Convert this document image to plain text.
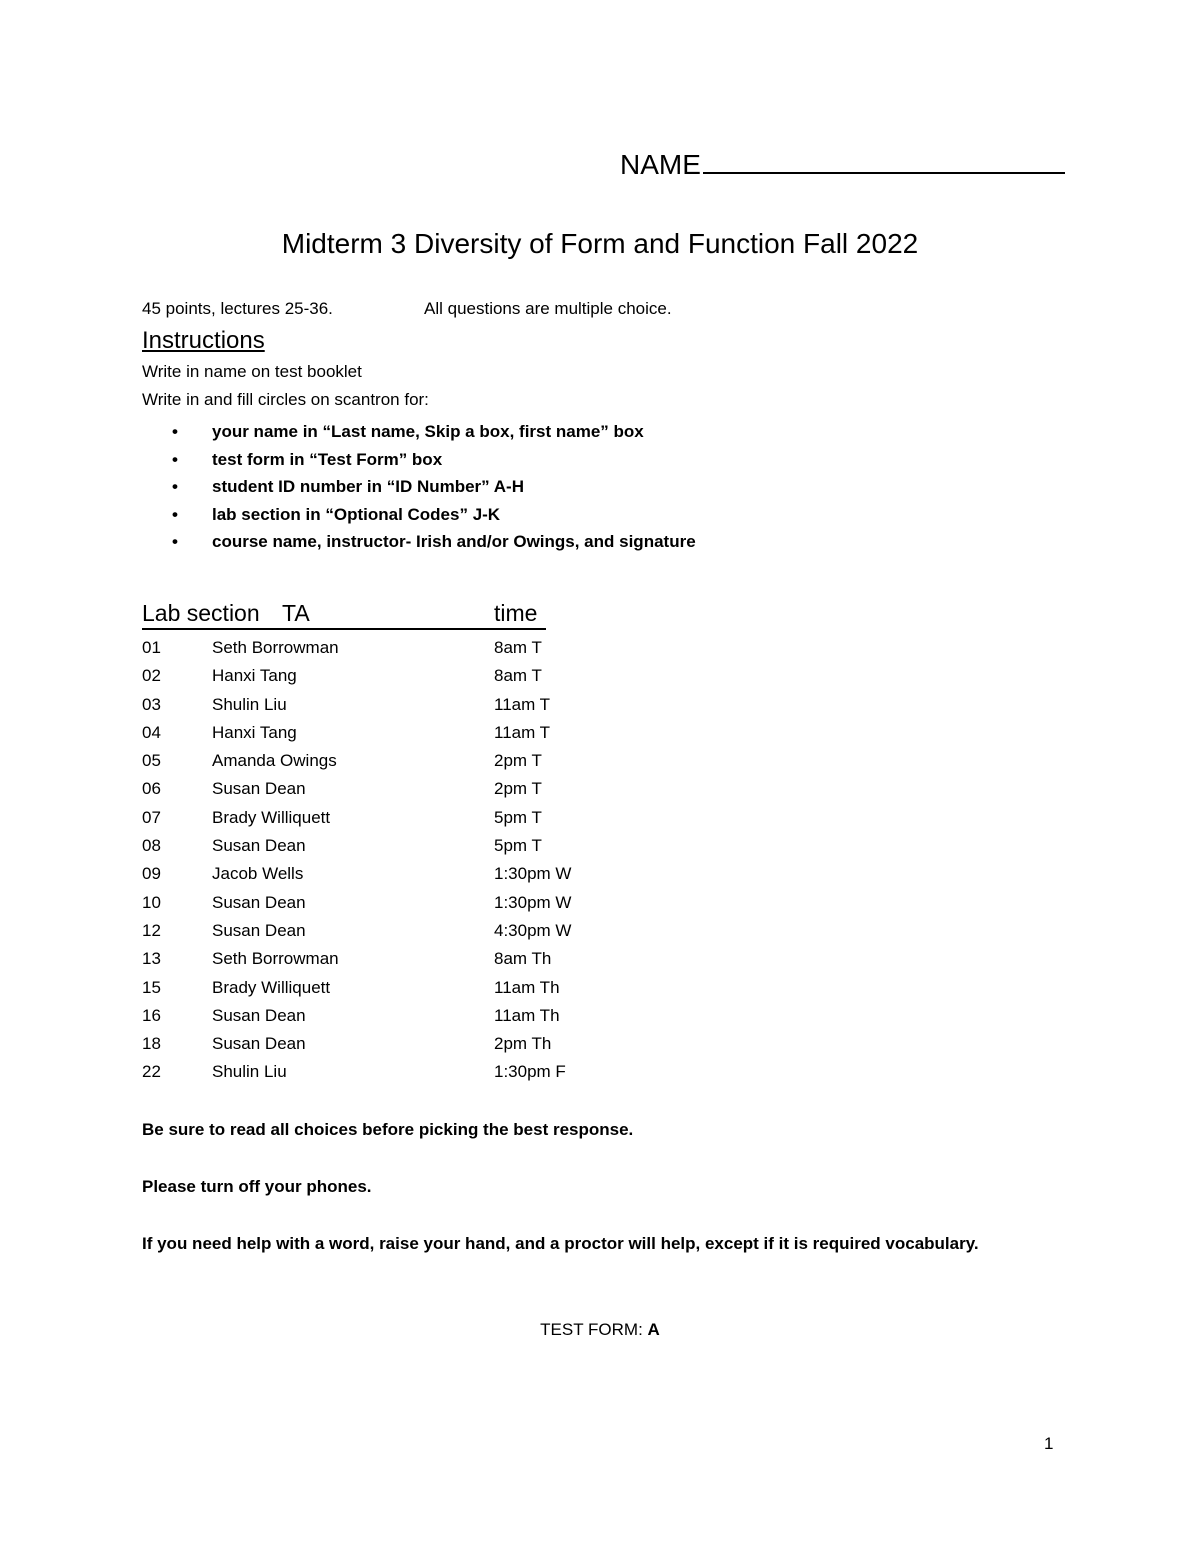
NAME
Midterm 3 Diversity of Form and Function Fall 2022
45 points, lectures 25-36.	All questions are multiple choice.
Instructions
Write in name on test booklet
Write in and fill circles on scantron for:
• your name in “Last name, Skip a box, first name” box
• test form in “Test Form” box
• student ID number in “ID Number” A-H
• lab section in “Optional Codes” J-K
• course name, instructor- Irish and/or Owings, and signature
Lab section TA	time
01	Seth Borrowman	8am T
02	Hanxi Tang	8am T
03	Shulin Liu	11am T
04	Hanxi Tang	11am T
05	Amanda Owings	2pm T
06	Susan Dean	2pm T
07	Brady Williquett	5pm T
08	Susan Dean	5pm T
09	Jacob Wells	1:30pm W
10	Susan Dean	1:30pm W
12	Susan Dean	4:30pm W
13	Seth Borrowman	8am Th
15	Brady Williquett	11am Th
16	Susan Dean	11am Th
18	Susan Dean	2pm Th
22	Shulin Liu	1:30pm F
Be sure to read all choices before picking the best response.
Please turn off your phones.
If you need help with a word, raise your hand, and a proctor will help, except if it is required vocabulary.
TEST FORM: A
1
